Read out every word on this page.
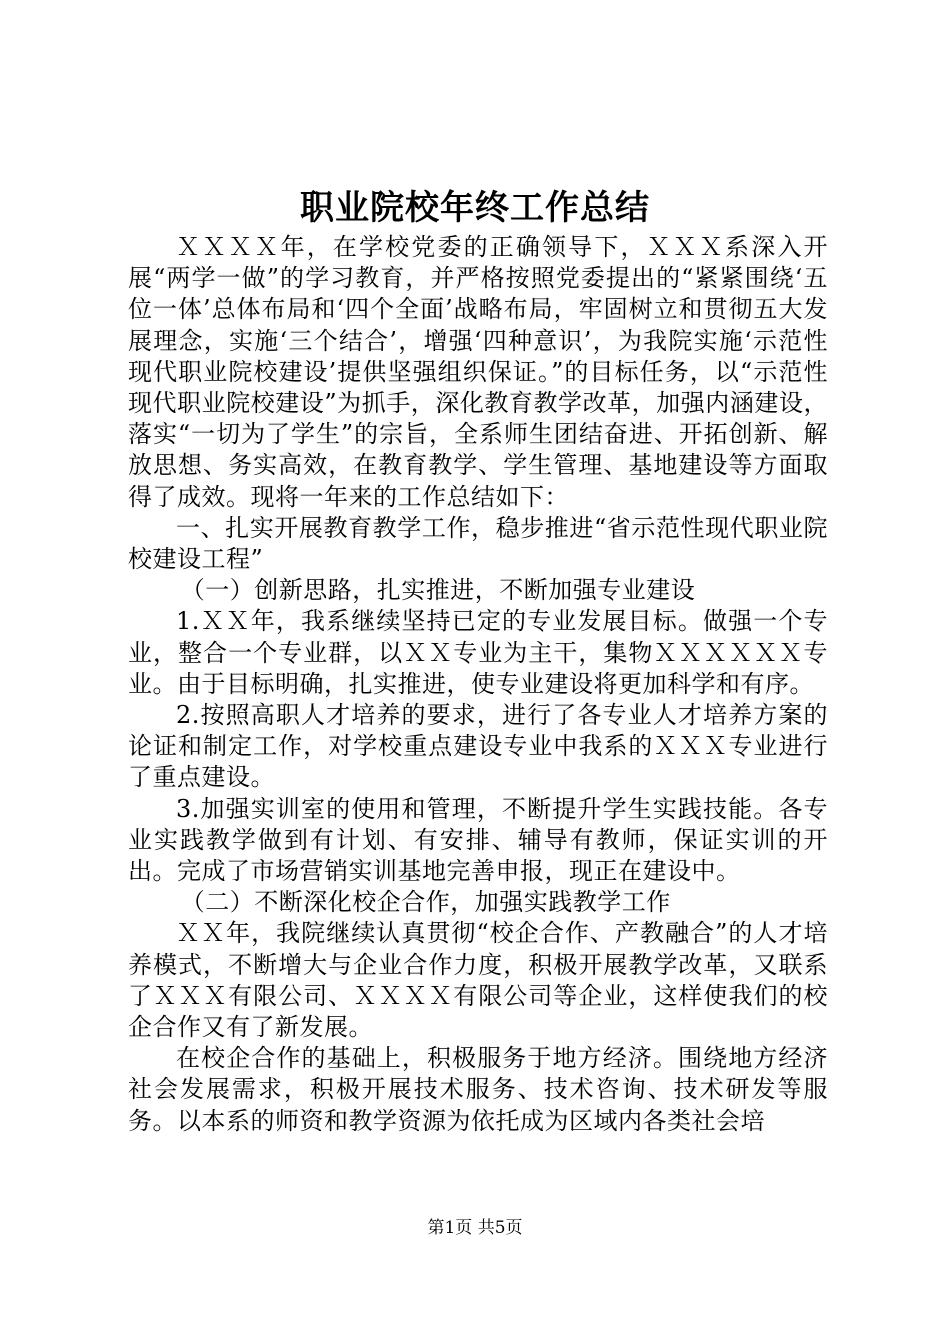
职业院校年终工作总结

ＸＸＸＸ年，在学校党委的正确领导下，ＸＸＸ系深入开展“两学一做”的学习教育，并严格按照党委提出的“紧紧围绕‘五位一体’总体布局和‘四个全面’战略布局，牢固树立和贯彻五大发展理念，实施‘三个结合’，增强‘四种意识’，为我院实施‘示范性现代职业院校建设’提供坚强组织保证。”的目标任务，以“示范性现代职业院校建设”为抓手，深化教育教学改革，加强内涵建设，落实“一切为了学生”的宗旨，全系师生团结奋进、开拓创新、解放思想、务实高效，在教育教学、学生管理、基地建设等方面取得了成效。现将一年来的工作总结如下：

一、扎实开展教育教学工作，稳步推进“省示范性现代职业院校建设工程”

（一）创新思路，扎实推进，不断加强专业建设

1.ＸＸ年，我系继续坚持已定的专业发展目标。做强一个专业，整合一个专业群，以ＸＸ专业为主干，集物ＸＸＸＸＸＸ专业。由于目标明确，扎实推进，使专业建设将更加科学和有序。

2.按照高职人才培养的要求，进行了各专业人才培养方案的论证和制定工作，对学校重点建设专业中我系的ＸＸＸ专业进行了重点建设。

3.加强实训室的使用和管理，不断提升学生实践技能。各专业实践教学做到有计划、有安排、辅导有教师，保证实训的开出。完成了市场营销实训基地完善申报，现正在建设中。

（二）不断深化校企合作，加强实践教学工作

ＸＸ年，我院继续认真贯彻“校企合作、产教融合”的人才培养模式，不断增大与企业合作力度，积极开展教学改革，又联系了ＸＸＸ有限公司、ＸＸＸＸ有限公司等企业，这样使我们的校企合作又有了新发展。

在校企合作的基础上，积极服务于地方经济。围绕地方经济社会发展需求，积极开展技术服务、技术咨询、技术研发等服务。以本系的师资和教学资源为依托成为区域内各类社会培

第1页 共5页
